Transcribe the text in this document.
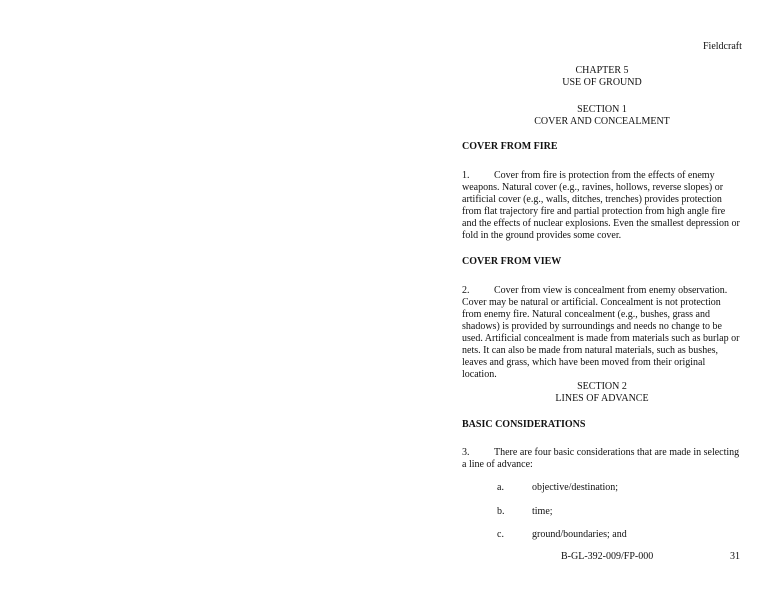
Fieldcraft
CHAPTER 5
USE OF GROUND
SECTION 1
COVER AND CONCEALMENT
COVER FROM FIRE
1. Cover from fire is protection from the effects of enemy weapons. Natural cover (e.g., ravines, hollows, reverse slopes) or artificial cover (e.g., walls, ditches, trenches) provides protection from flat trajectory fire and partial protection from high angle fire and the effects of nuclear explosions. Even the smallest depression or fold in the ground provides some cover.
COVER FROM VIEW
2. Cover from view is concealment from enemy observation. Cover may be natural or artificial. Concealment is not protection from enemy fire. Natural concealment (e.g., bushes, grass and shadows) is provided by surroundings and needs no change to be used. Artificial concealment is made from materials such as burlap or nets. It can also be made from natural materials, such as bushes, leaves and grass, which have been moved from their original location.
SECTION 2
LINES OF ADVANCE
BASIC CONSIDERATIONS
3. There are four basic considerations that are made in selecting a line of advance:
a.	objective/destination;
b.	time;
c.	ground/boundaries; and
B-GL-392-009/FP-000	31
